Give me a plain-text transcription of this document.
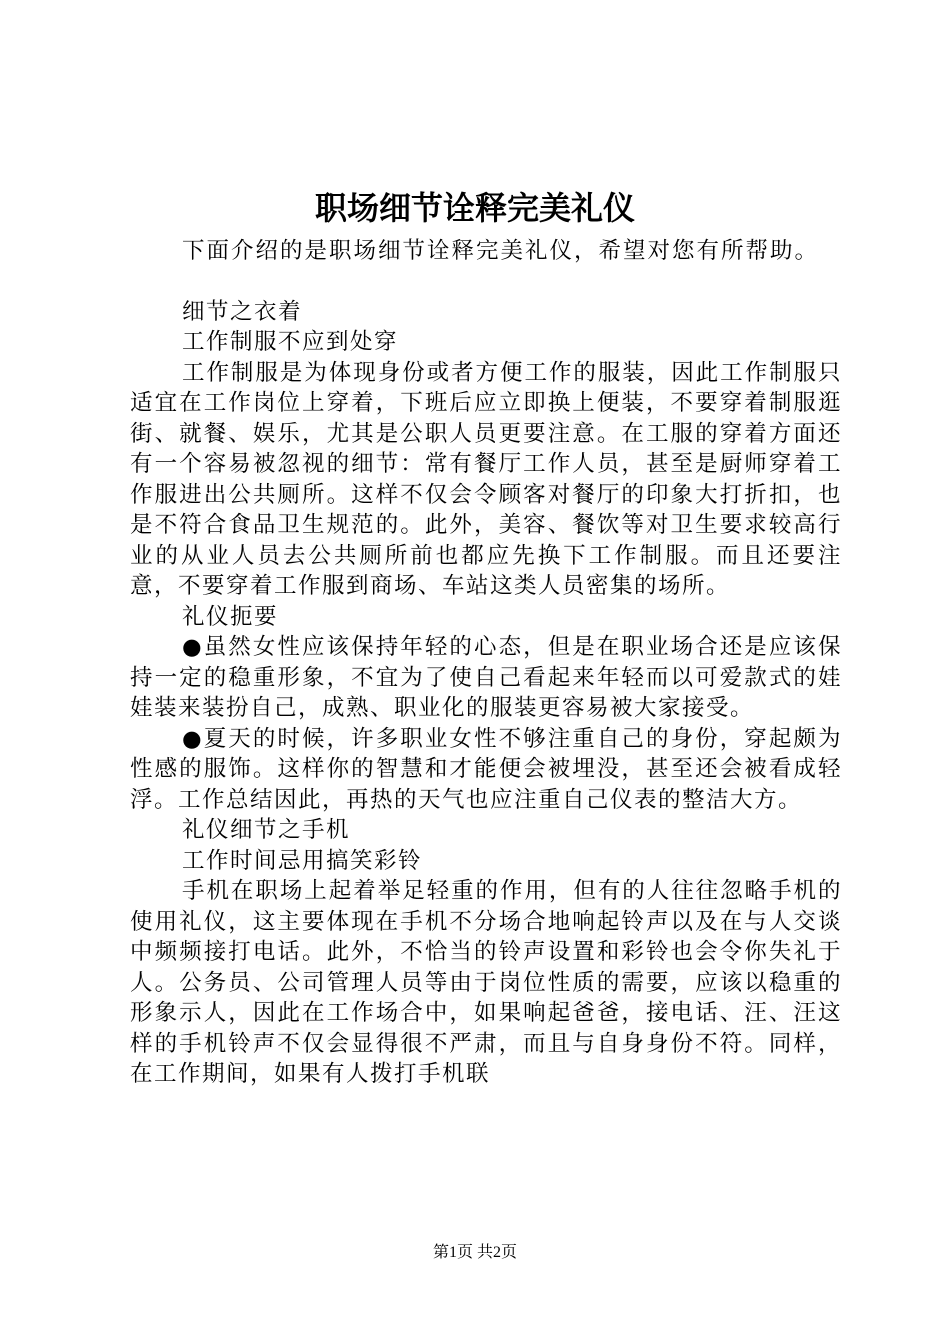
职场细节诠释完美礼仪

下面介绍的是职场细节诠释完美礼仪，希望对您有所帮助。

细节之衣着

工作制服不应到处穿

工作制服是为体现身份或者方便工作的服装，因此工作制服只适宜在工作岗位上穿着，下班后应立即换上便装，不要穿着制服逛街、就餐、娱乐，尤其是公职人员更要注意。在工服的穿着方面还有一个容易被忽视的细节：常有餐厅工作人员，甚至是厨师穿着工作服进出公共厕所。这样不仅会令顾客对餐厅的印象大打折扣，也是不符合食品卫生规范的。此外，美容、餐饮等对卫生要求较高行业的从业人员去公共厕所前也都应先换下工作制服。而且还要注意，不要穿着工作服到商场、车站这类人员密集的场所。

礼仪扼要

●虽然女性应该保持年轻的心态，但是在职业场合还是应该保持一定的稳重形象，不宜为了使自己看起来年轻而以可爱款式的娃娃装来装扮自己，成熟、职业化的服装更容易被大家接受。

●夏天的时候，许多职业女性不够注重自己的身份，穿起颇为性感的服饰。这样你的智慧和才能便会被埋没，甚至还会被看成轻浮。工作总结因此，再热的天气也应注重自己仪表的整洁大方。

礼仪细节之手机

工作时间忌用搞笑彩铃

手机在职场上起着举足轻重的作用，但有的人往往忽略手机的使用礼仪，这主要体现在手机不分场合地响起铃声以及在与人交谈中频频接打电话。此外，不恰当的铃声设置和彩铃也会令你失礼于人。公务员、公司管理人员等由于岗位性质的需要，应该以稳重的形象示人，因此在工作场合中，如果响起爸爸，接电话、汪、汪这样的手机铃声不仅会显得很不严肃，而且与自身身份不符。同样，在工作期间，如果有人拨打手机联

第1页 共2页
